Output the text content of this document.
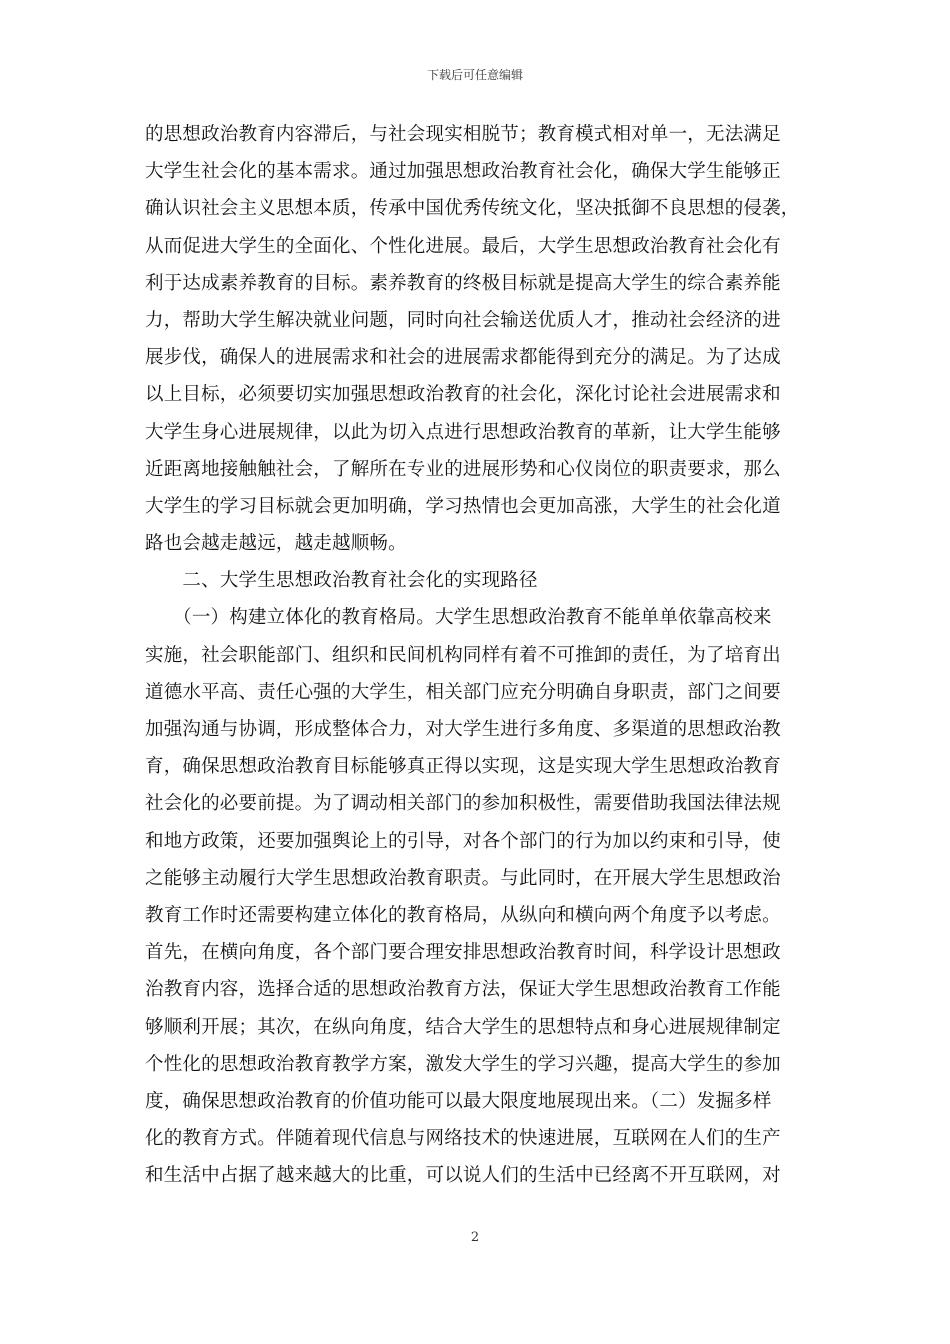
下载后可任意编辑
的思想政治教育内容滞后，与社会现实相脱节；教育模式相对单一，无法满足
大学生社会化的基本需求。通过加强思想政治教育社会化，确保大学生能够正
确认识社会主义思想本质，传承中国优秀传统文化，坚决抵御不良思想的侵袭，
从而促进大学生的全面化、个性化进展。最后，大学生思想政治教育社会化有
利于达成素养教育的目标。素养教育的终极目标就是提高大学生的综合素养能
力，帮助大学生解决就业问题，同时向社会输送优质人才，推动社会经济的进
展步伐，确保人的进展需求和社会的进展需求都能得到充分的满足。为了达成
以上目标，必须要切实加强思想政治教育的社会化，深化讨论社会进展需求和
大学生身心进展规律，以此为切入点进行思想政治教育的革新，让大学生能够
近距离地接触触社会，了解所在专业的进展形势和心仪岗位的职责要求，那么
大学生的学习目标就会更加明确，学习热情也会更加高涨，大学生的社会化道
路也会越走越远，越走越顺畅。
　　二、大学生思想政治教育社会化的实现路径
　　（一）构建立体化的教育格局。大学生思想政治教育不能单单依靠高校来
实施，社会职能部门、组织和民间机构同样有着不可推卸的责任，为了培育出
道德水平高、责任心强的大学生，相关部门应充分明确自身职责，部门之间要
加强沟通与协调，形成整体合力，对大学生进行多角度、多渠道的思想政治教
育，确保思想政治教育目标能够真正得以实现，这是实现大学生思想政治教育
社会化的必要前提。为了调动相关部门的参加积极性，需要借助我国法律法规
和地方政策，还要加强舆论上的引导，对各个部门的行为加以约束和引导，使
之能够主动履行大学生思想政治教育职责。与此同时，在开展大学生思想政治
教育工作时还需要构建立体化的教育格局，从纵向和横向两个角度予以考虑。
首先，在横向角度，各个部门要合理安排思想政治教育时间，科学设计思想政
治教育内容，选择合适的思想政治教育方法，保证大学生思想政治教育工作能
够顺利开展；其次，在纵向角度，结合大学生的思想特点和身心进展规律制定
个性化的思想政治教育教学方案，激发大学生的学习兴趣，提高大学生的参加
度，确保思想政治教育的价值功能可以最大限度地展现出来。（二）发掘多样
化的教育方式。伴随着现代信息与网络技术的快速进展，互联网在人们的生产
和生活中占据了越来越大的比重，可以说人们的生活中已经离不开互联网，对
2
